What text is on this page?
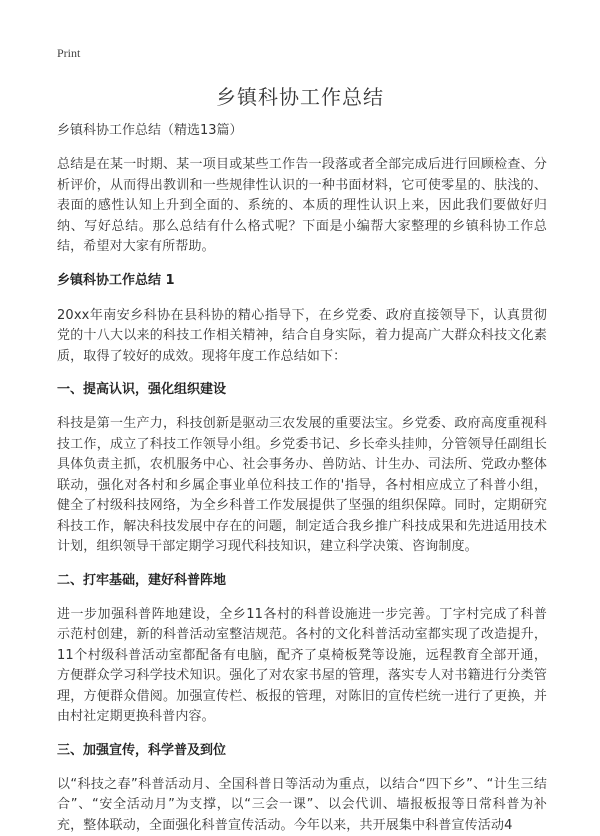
Print
乡镇科协工作总结

乡镇科协工作总结（精选13篇）

总结是在某一时期、某一项目或某些工作告一段落或者全部完成后进行回顾检查、分析评价，从而得出教训和一些规律性认识的一种书面材料，它可使零星的、肤浅的、表面的感性认知上升到全面的、系统的、本质的理性认识上来，因此我们要做好归纳、写好总结。那么总结有什么格式呢？下面是小编帮大家整理的乡镇科协工作总结，希望对大家有所帮助。

乡镇科协工作总结 1

20xx年南安乡科协在县科协的精心指导下，在乡党委、政府直接领导下，认真贯彻党的十八大以来的科技工作相关精神，结合自身实际，着力提高广大群众科技文化素质，取得了较好的成效。现将年度工作总结如下：

一、提高认识，强化组织建设

科技是第一生产力，科技创新是驱动三农发展的重要法宝。乡党委、政府高度重视科技工作，成立了科技工作领导小组。乡党委书记、乡长牵头挂帅，分管领导任副组长具体负责主抓，农机服务中心、社会事务办、兽防站、计生办、司法所、党政办整体联动，强化对各村和乡属企事业单位科技工作的'指导，各村相应成立了科普小组，健全了村级科技网络，为全乡科普工作发展提供了坚强的组织保障。同时，定期研究科技工作，解决科技发展中存在的问题，制定适合我乡推广科技成果和先进适用技术计划，组织领导干部定期学习现代科技知识，建立科学决策、咨询制度。

二、打牢基础，建好科普阵地

进一步加强科普阵地建设，全乡11各村的科普设施进一步完善。丁字村完成了科普示范村创建，新的科普活动室整洁规范。各村的文化科普活动室都实现了改造提升，11个村级科普活动室都配备有电脑，配齐了桌椅板凳等设施，远程教育全部开通，方便群众学习科学技术知识。强化了对农家书屋的管理，落实专人对书籍进行分类管理，方便群众借阅。加强宣传栏、板报的管理，对陈旧的宣传栏统一进行了更换，并由村社定期更换科普内容。

三、加强宣传，科学普及到位

以“科技之春”科普活动月、全国科普日等活动为重点，以结合“四下乡”、“计生三结合”、“安全活动月”为支撑，以“三会一课”、以会代训、墙报板报等日常科普为补充，整体联动，全面强化科普宣传活动。今年以来，共开展集中科普宣传活动4
